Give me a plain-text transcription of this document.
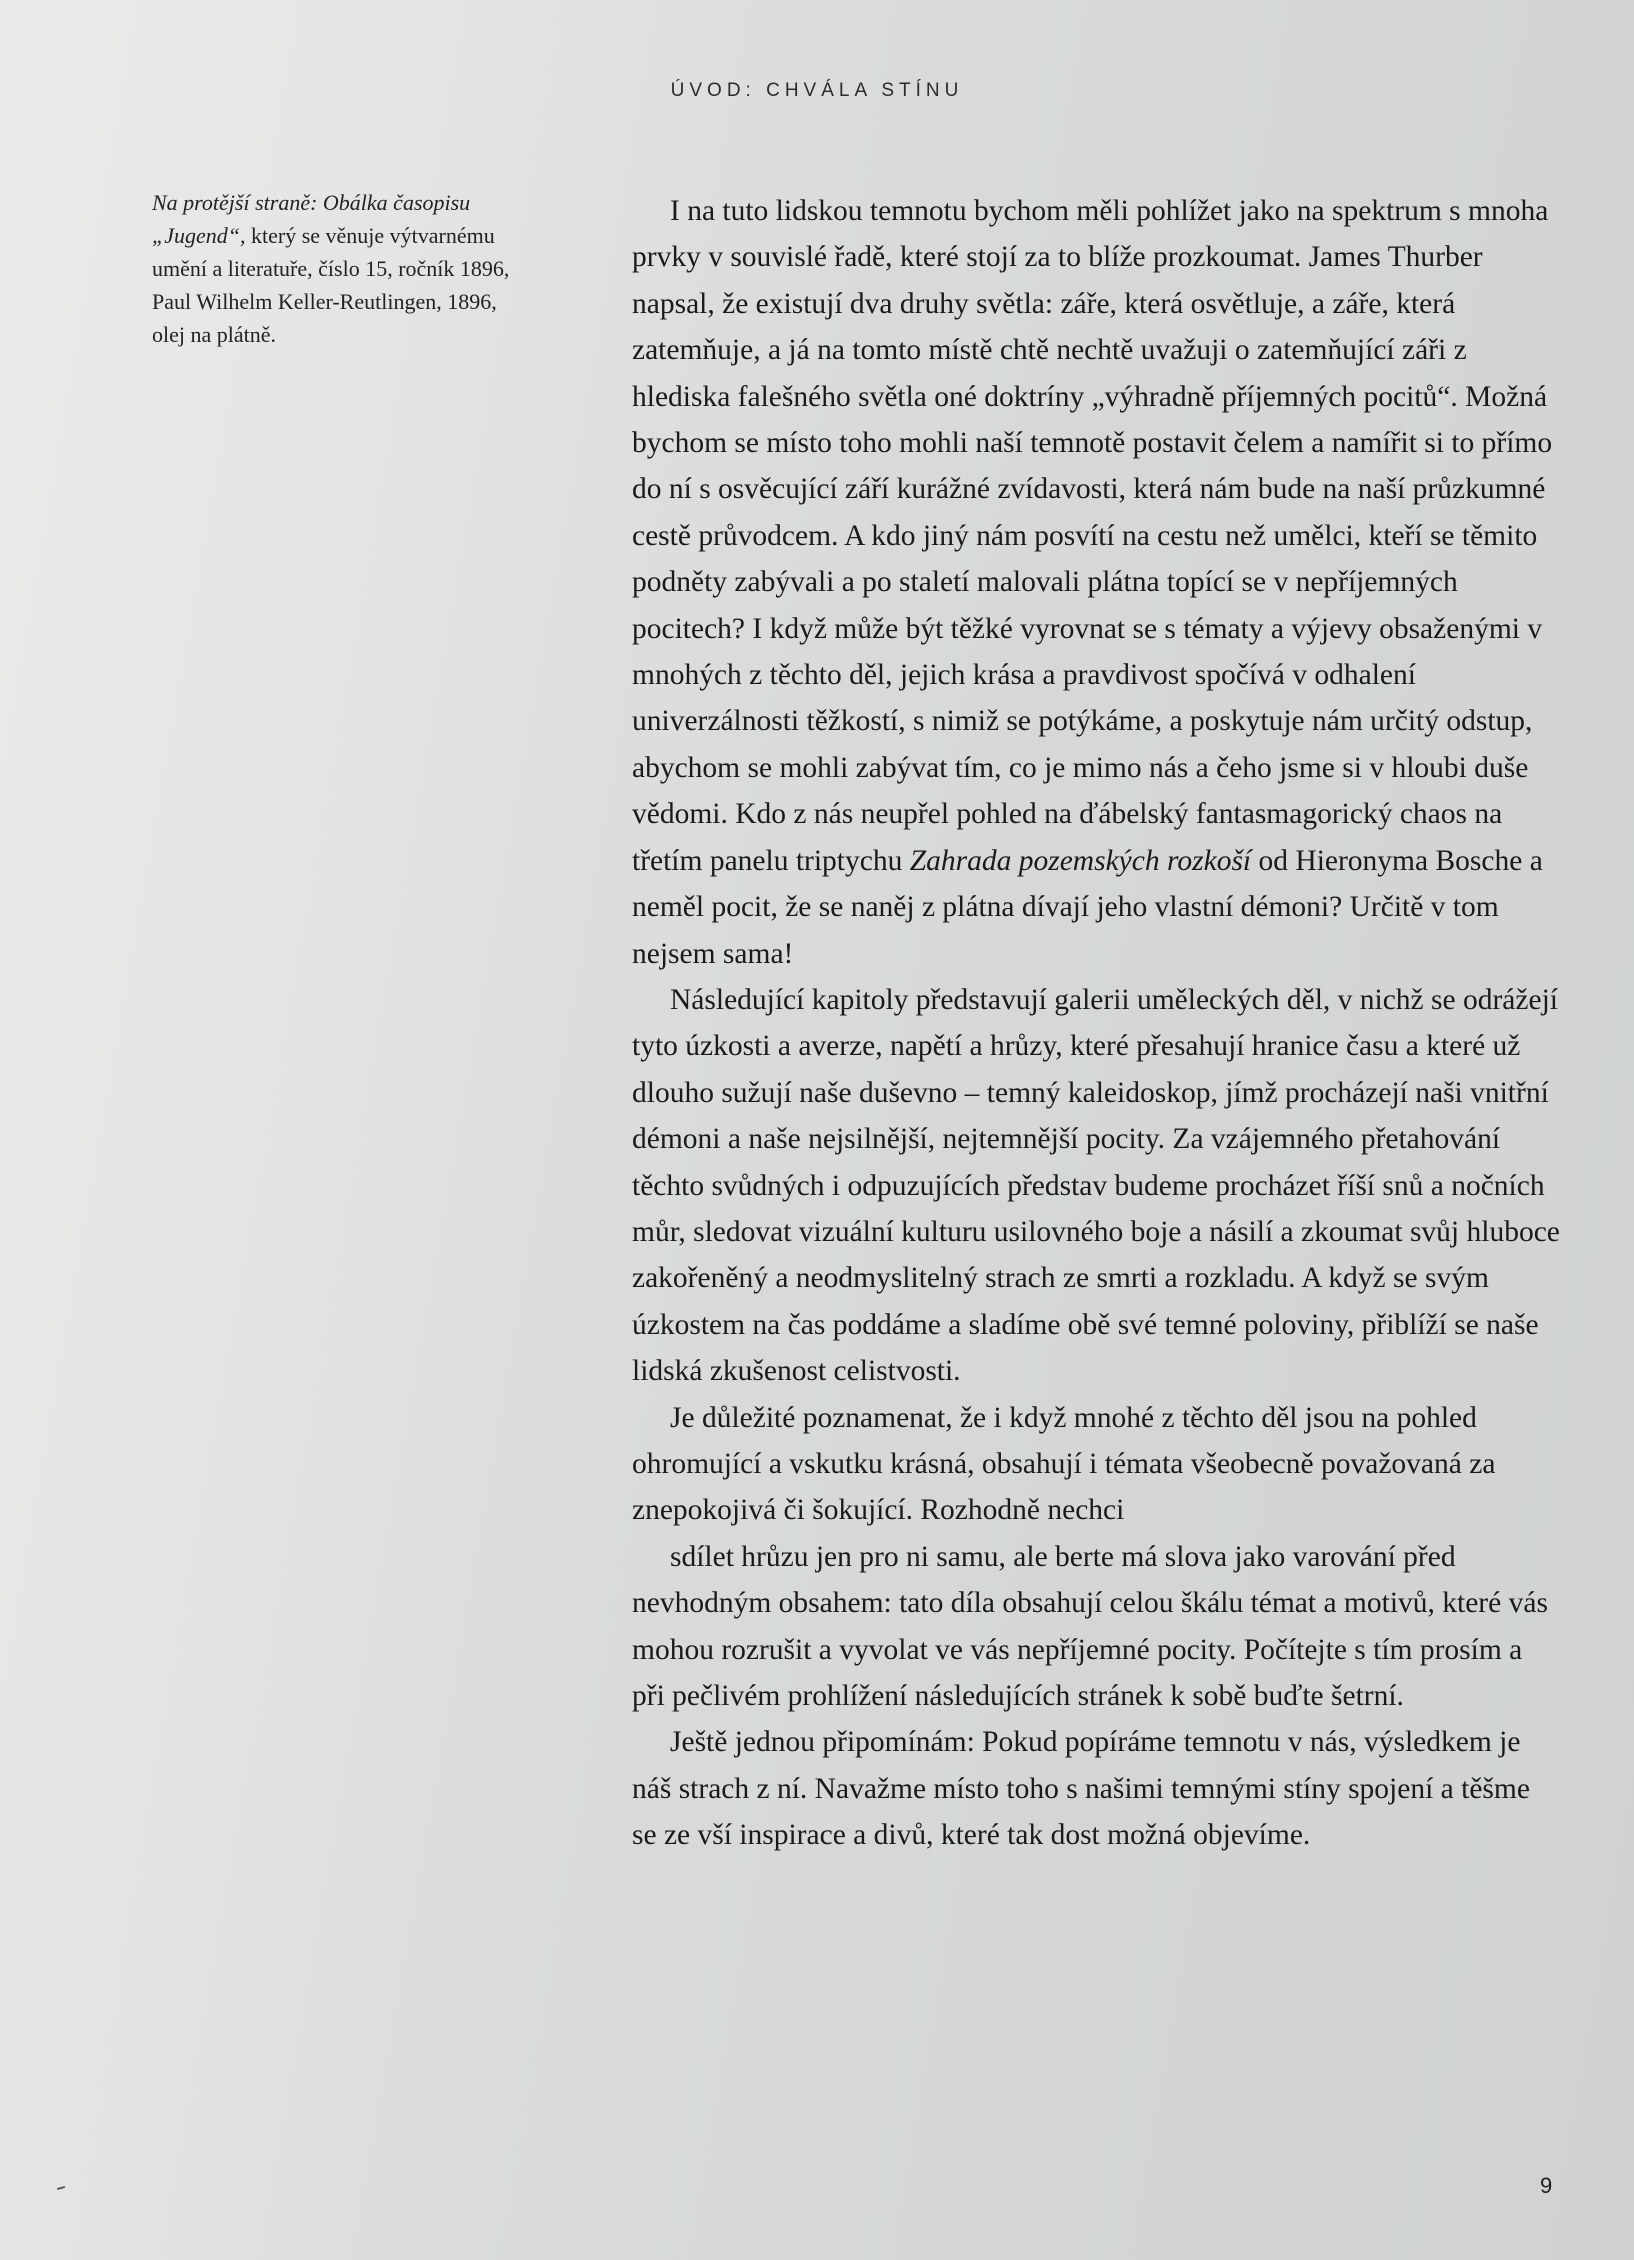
ÚVOD: CHVÁLA STÍNU

Na protější straně: Obálka časopisu
„Jugend“, který se věnuje výtvarnému
umění a literatuře, číslo 15, ročník 1896,
Paul Wilhelm Keller-Reutlingen, 1896,
olej na plátně.

I na tuto lidskou temnotu bychom měli pohlížet jako na spektrum s mnoha prvky v souvislé řadě, které stojí za to blíže prozkoumat. James Thurber napsal, že existují dva druhy světla: záře, která osvětluje, a záře, která zatemňuje, a já na tomto místě chtě nechtě uvažuji o zatemňující záři z hlediska falešného světla oné doktríny „výhradně příjemných pocitů“. Možná bychom se místo toho mohli naší temnotě postavit čelem a namířit si to přímo do ní s osvěcující září kurážné zvídavosti, která nám bude na naší průzkumné cestě průvodcem. A kdo jiný nám posvítí na cestu než umělci, kteří se těmito podněty zabývali a po staletí malovali plátna topící se v nepříjemných pocitech? I když může být těžké vyrovnat se s tématy a výjevy obsaženými v mnohých z těchto děl, jejich krása a pravdivost spočívá v odhalení univerzálnosti těžkostí, s nimiž se potýkáme, a poskytuje nám určitý odstup, abychom se mohli zabývat tím, co je mimo nás a čeho jsme si v hloubi duše vědomi. Kdo z nás neupřel pohled na ďábelský fantasmagorický chaos na třetím panelu triptychu Zahrada pozemských rozkoší od Hieronyma Bosche a neměl pocit, že se naněj z plátna dívají jeho vlastní démoni? Určitě v tom nejsem sama!

Následující kapitoly představují galerii uměleckých děl, v nichž se odrážejí tyto úzkosti a averze, napětí a hrůzy, které přesahují hranice času a které už dlouho sužují naše duševno – temný kaleidoskop, jímž procházejí naši vnitřní démoni a naše nejsilnější, nejtemnější pocity. Za vzájemného přetahování těchto svůdných i odpuzujících představ budeme procházet říší snů a nočních můr, sledovat vizuální kulturu usilovného boje a násilí a zkoumat svůj hluboce zakořeněný a neodmyslitelný strach ze smrti a rozkladu. A když se svým úzkostem na čas poddáme a sladíme obě své temné poloviny, přiblíží se naše lidská zkušenost celistvosti.

Je důležité poznamenat, že i když mnohé z těchto děl jsou na pohled ohromující a vskutku krásná, obsahují i témata všeobecně považovaná za znepokojivá či šokující. Rozhodně nechci

sdílet hrůzu jen pro ni samu, ale berte má slova jako varování před nevhodným obsahem: tato díla obsahují celou škálu témat a motivů, které vás mohou rozrušit a vyvolat ve vás nepříjemné pocity. Počítejte s tím prosím a při pečlivém prohlížení následujících stránek k sobě buďte šetrní.

Ještě jednou připomínám: Pokud popíráme temnotu v nás, výsledkem je náš strach z ní. Navažme místo toho s našimi temnými stíny spojení a těšme se ze vší inspirace a divů, které tak dost možná objevíme.

9
